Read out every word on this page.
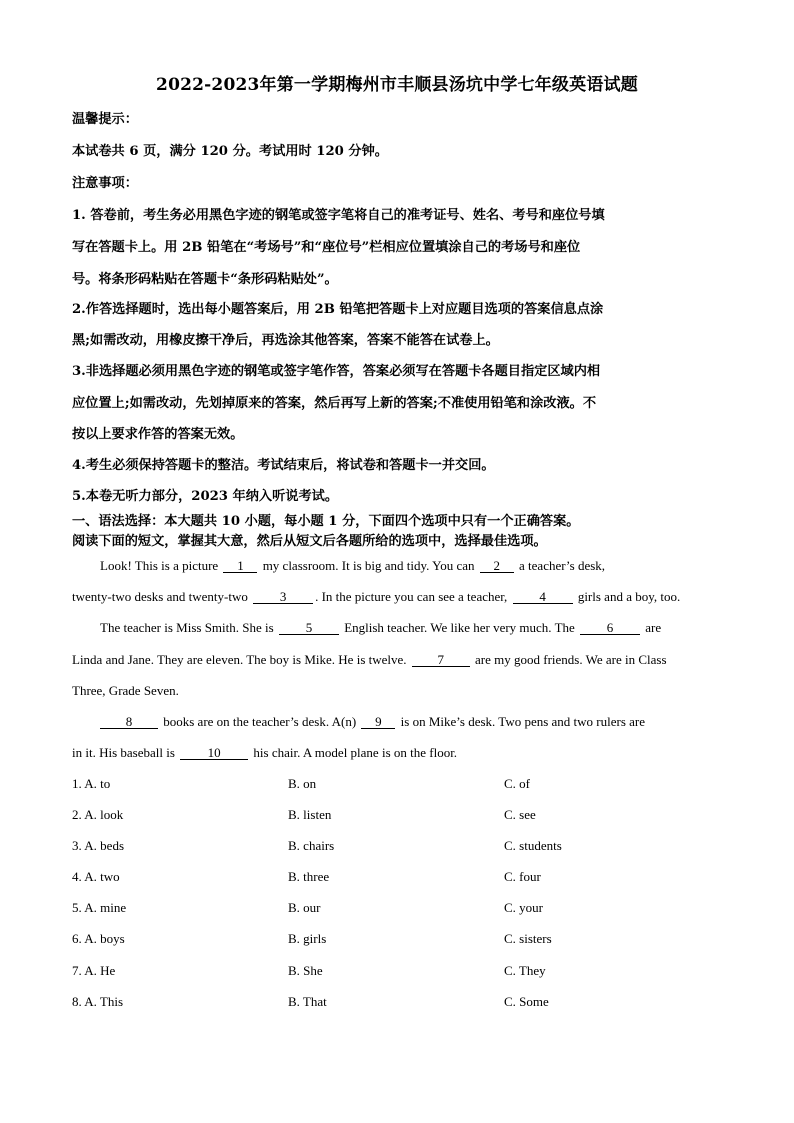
2022-2023年第一学期梅州市丰顺县汤坑中学七年级英语试题
温馨提示：
本试卷共 6 页，满分 120 分。考试用时 120 分钟。
注意事项：
1. 答卷前，考生务必用黑色字迹的钢笔或签字笔将自己的准考证号、姓名、考号和座位号填
写在答题卡上。用 2B 铅笔在“考场号”和“座位号”栏相应位置填涂自己的考场号和座位
号。将条形码粘贴在答题卡“条形码粘贴处”。
2.作答选择题时，选出每小题答案后，用 2B 铅笔把答题卡上对应题目选项的答案信息点涂
黑;如需改动，用橡皮擦干净后，再选涂其他答案，答案不能答在试卷上。
3.非选择题必须用黑色字迹的钢笔或签字笔作答，答案必须写在答题卡各题目指定区域内相
应位置上;如需改动，先划掉原来的答案，然后再写上新的答案;不准使用铅笔和涂改液。不
按以上要求作答的答案无效。
4.考生必须保持答题卡的整洁。考试结束后，将试卷和答题卡一并交回。
5.本卷无听力部分，2023 年纳入听说考试。
一、语法选择：本大题共 10 小题，每小题 1 分，下面四个选项中只有一个正确答案。
阅读下面的短文，掌握其大意，然后从短文后各题所给的选项中，选择最佳选项。
Look! This is a picture 1 my classroom. It is big and tidy. You can 2 a teacher’s desk,
twenty-two desks and twenty-two 3 . In the picture you can see a teacher, 4 girls and a boy, too.
The teacher is Miss Smith. She is 5 English teacher. We like her very much. The 6 are
Linda and Jane. They are eleven. The boy is Mike. He is twelve. 7 are my good friends. We are in Class
Three, Grade Seven.
8 books are on the teacher’s desk. A(n) 9 is on Mike’s desk. Two pens and two rulers are
in it. His baseball is	10	his chair. A model plane is on the floor.
1. A. to	B. on	C. of
2. A. look	B. listen	C. see
3. A. beds	B. chairs	C. students
4. A. two	B. three	C. four
5. A. mine	B. our	C. your
6. A. boys	B. girls	C. sisters
7. A. He	B. She	C. They
8. A. This	B. That	C. Some
